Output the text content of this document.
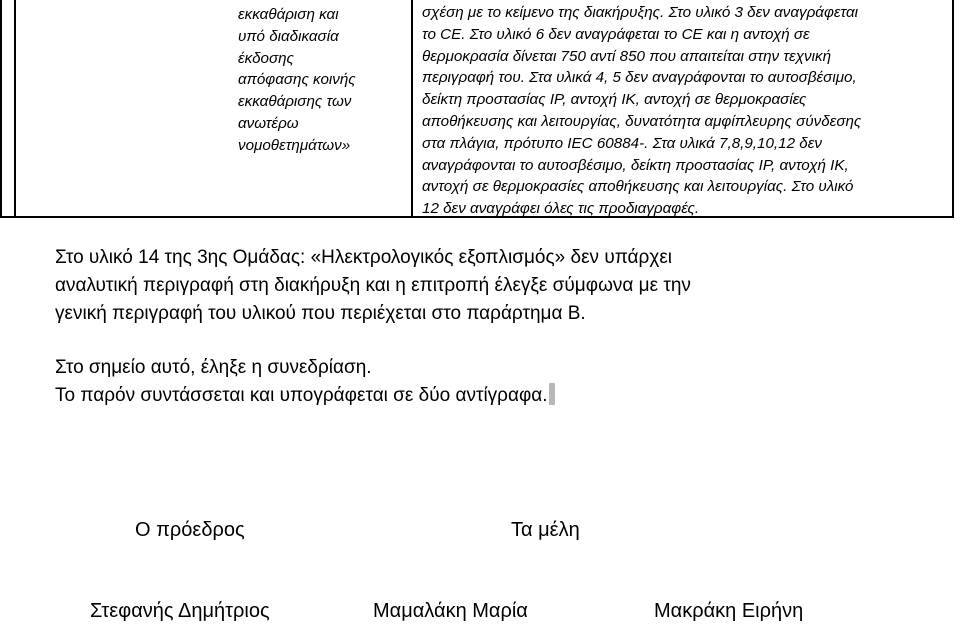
εκκαθάριση και

υπό διαδικασία

έκδοσης

απόφασης κοινής

εκκαθάρισης των

ανωτέρω

νομοθετημάτων»

σχέση με το κείμενο της διακήρυξης. Στο υλικό 3 δεν αναγράφεται

το CE. Στο υλικό 6 δεν αναγράφεται το CE και η αντοχή σε

θερμοκρασία δίνεται 750 αντί 850 που απαιτείται στην τεχνική

περιγραφή του. Στα υλικά 4, 5 δεν αναγράφονται το αυτοσβέσιμο,

δείκτη προστασίας IP, αντοχή IK, αντοχή σε θερμοκρασίες

αποθήκευσης και λειτουργίας, δυνατότητα αμφίπλευρης σύνδεσης

στα πλάγια, πρότυπο IEC 60884-. Στα υλικά 7,8,9,10,12 δεν

αναγράφονται το αυτοσβέσιμο, δείκτη προστασίας IP, αντοχή IK,

αντοχή σε θερμοκρασίες αποθήκευσης και λειτουργίας. Στο υλικό

12 δεν αναγράφει όλες τις προδιαγραφές.

Στο υλικό 14 της 3ης Ομάδας: «Ηλεκτρολογικός εξοπλισμός» δεν υπάρχει
αναλυτική περιγραφή στη διακήρυξη και η επιτροπή έλεγξε σύμφωνα με την
γενική περιγραφή του υλικού που περιέχεται στο παράρτημα Β.
Στο σημείο αυτό, έληξε η συνεδρίαση.
Το παρόν συντάσσεται και υπογράφεται σε δύο αντίγραφα.
Ο πρόεδρος	Τα μέλη
Στεφανής Δημήτριος	Μαμαλάκη Μαρία	Μακράκη Ειρήνη
